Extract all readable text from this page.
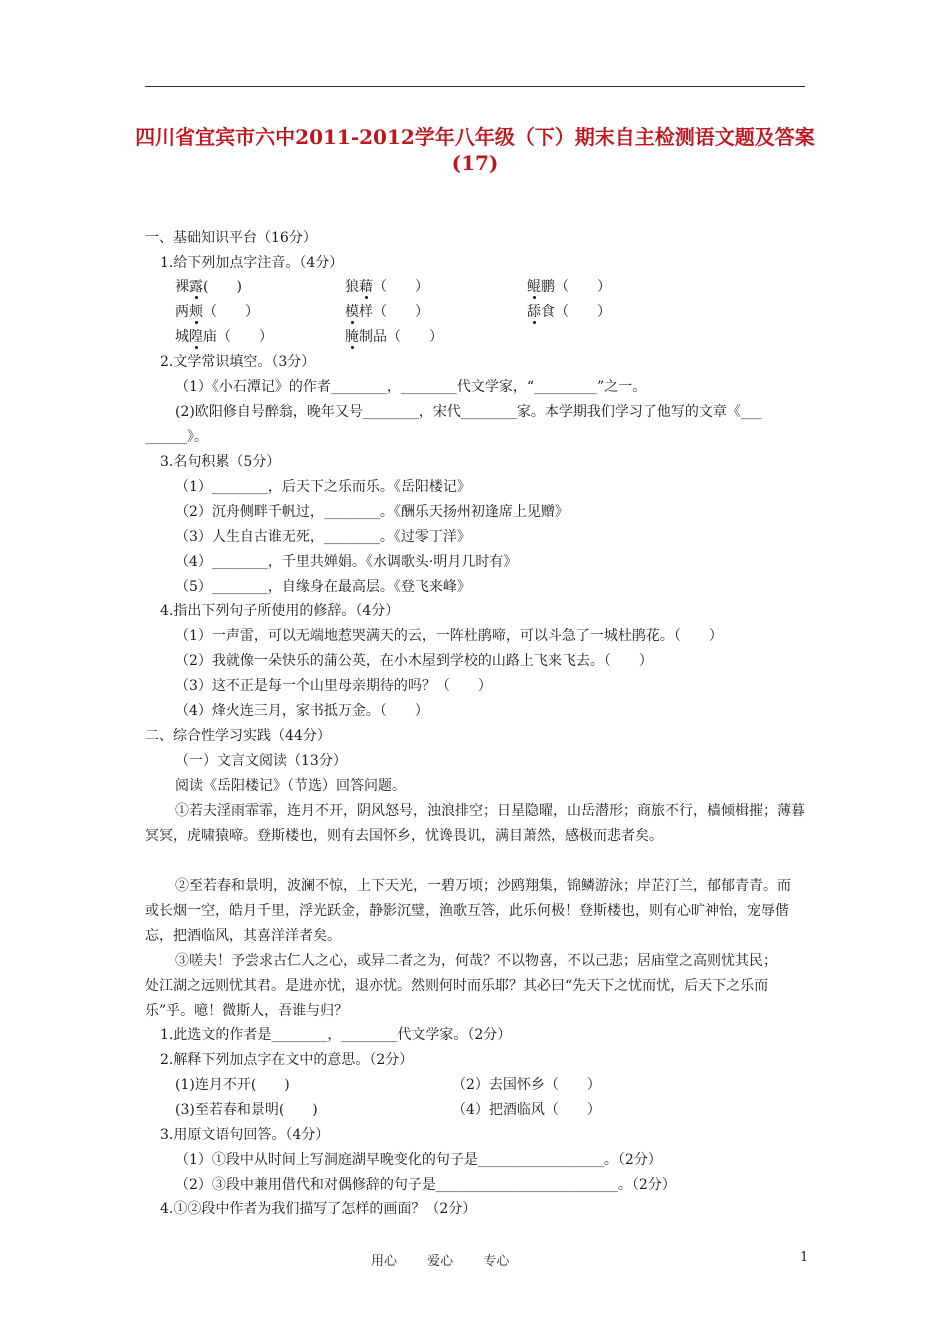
四川省宜宾市六中2011-2012学年八年级（下）期末自主检测语文题及答案
(17)
一、基础知识平台（16分）
1.给下列加点字注音。（4分）
裸露(　　 )	狼藉（　　 ）	鲲鹏（　　 ）
两颊（　　 ）	模样（　　 ）	舔食（　　 ）
城隍庙（　　 ）	腌制品（　　 ）
2.文学常识填空。（3分）
（1）《小石潭记》的作者________，________代文学家，“_________”之一。
(2)欧阳修自号醉翁，晚年又号________，宋代________家。本学期我们学习了他写的文章《___
______》。
3.名句积累（5分）
（1）________，后天下之乐而乐。《岳阳楼记》
（2）沉舟侧畔千帆过，________。《酬乐天扬州初逢席上见赠》
（3）人生自古谁无死，________。《过零丁洋》
（4）________，千里共婵娟。《水调歌头·明月几时有》
（5）________，自缘身在最高层。《登飞来峰》
4.指出下列句子所使用的修辞。（4分）
（1）一声雷，可以无端地惹哭满天的云，一阵杜鹃啼，可以斗急了一城杜鹃花。（　　）
（2）我就像一朵快乐的蒲公英，在小木屋到学校的山路上飞来飞去。（　　）
（3）这不正是每一个山里母亲期待的吗？（　　）
（4）烽火连三月，家书抵万金。（　　）
二、综合性学习实践（44分）
（一）文言文阅读（13分）
阅读《岳阳楼记》（节选）回答问题。
①若夫淫雨霏霏，连月不开，阴风怒号，浊浪排空；日星隐曜，山岳潜形；商旅不行，樯倾楫摧；薄暮
冥冥，虎啸猿啼。登斯楼也，则有去国怀乡，忧谗畏讥，满目萧然，感极而悲者矣。
②至若春和景明，波澜不惊，上下天光，一碧万顷；沙鸥翔集，锦鳞游泳；岸芷汀兰，郁郁青青。而
或长烟一空，皓月千里，浮光跃金，静影沉璧，渔歌互答，此乐何极！登斯楼也，则有心旷神怡，宠辱偕
忘，把酒临风，其喜洋洋者矣。
③嗟夫！予尝求古仁人之心，或异二者之为，何哉？不以物喜，不以己悲；居庙堂之高则忧其民；
处江湖之远则忧其君。是进亦忧，退亦忧。然则何时而乐耶？其必曰“先天下之忧而忧，后天下之乐而
乐”乎。噫！微斯人，吾谁与归？
1.此选文的作者是________，________代文学家。（2分）
2.解释下列加点字在文中的意思。（2分）
(1)连月不开(　　)	（2）去国怀乡（　　）
(3)至若春和景明(　　)	（4）把酒临风（　　）
3.用原文语句回答。（4分）
（1）①段中从时间上写洞庭湖早晚变化的句子是__________________。（2分）
（2）③段中兼用借代和对偶修辞的句子是__________________________。（2分）
4.①②段中作者为我们描写了怎样的画面？（2分）
用心 爱心 专心	1
